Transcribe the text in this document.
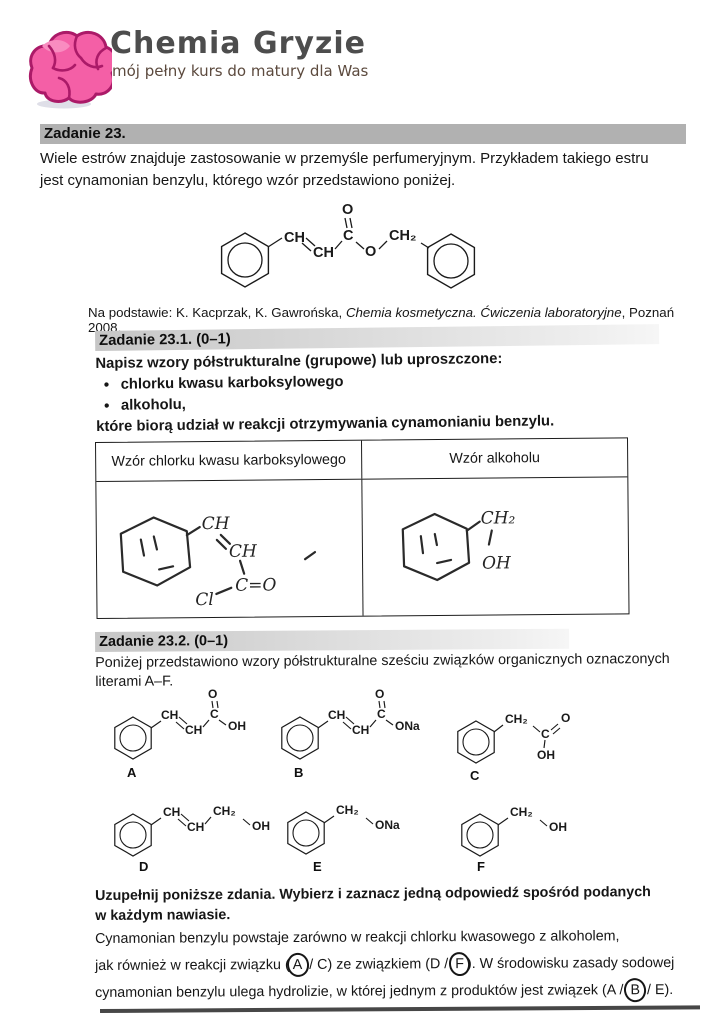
Chemia Gryzie
mój pełny kurs do matury dla Was
Zadanie 23.
Wiele estrów znajduje zastosowanie w przemyśle perfumeryjnym. Przykładem takiego estru
jest cynamonian benzylu, którego wzór przedstawiono poniżej.
CH
CH
C
O
O
CH₂
Na podstawie: K. Kacprzak, K. Gawrońska, Chemia kosmetyczna. Ćwiczenia laboratoryjne, Poznań 2008.
Zadanie 23.1. (0–1)
Napisz wzory półstrukturalne (grupowe) lub uproszczone:
•
chlorku kwasu karboksylowego
•
alkoholu,
które biorą udział w reakcji otrzymywania cynamonianiu benzylu.
Wzór chlorku kwasu karboksylowego	Wzór alkoholu
CH
CH
C=O
Cl
CH₂
OH
Zadanie 23.2. (0–1)
Poniżej przedstawiono wzory półstrukturalne sześciu związków organicznych oznaczonych
literami A–F.
CH
CH
C
O
OH
A
CH
CH
C
O
ONa
B
CH₂
C
O
OH
C
CH
CH
CH₂
OH
D
CH₂
ONa
E
CH₂
OH
F
Uzupełnij poniższe zdania. Wybierz i zaznacz jedną odpowiedź spośród podanych
w każdym nawiasie.
Cynamonian benzylu powstaje zarówno w reakcji chlorku kwasowego z alkoholem,
jak również w reakcji związku ( A / C) ze związkiem (D / F ). W środowisku zasady sodowej
cynamonian benzylu ulega hydrolizie, w której jednym z produktów jest związek (A / B / E).
